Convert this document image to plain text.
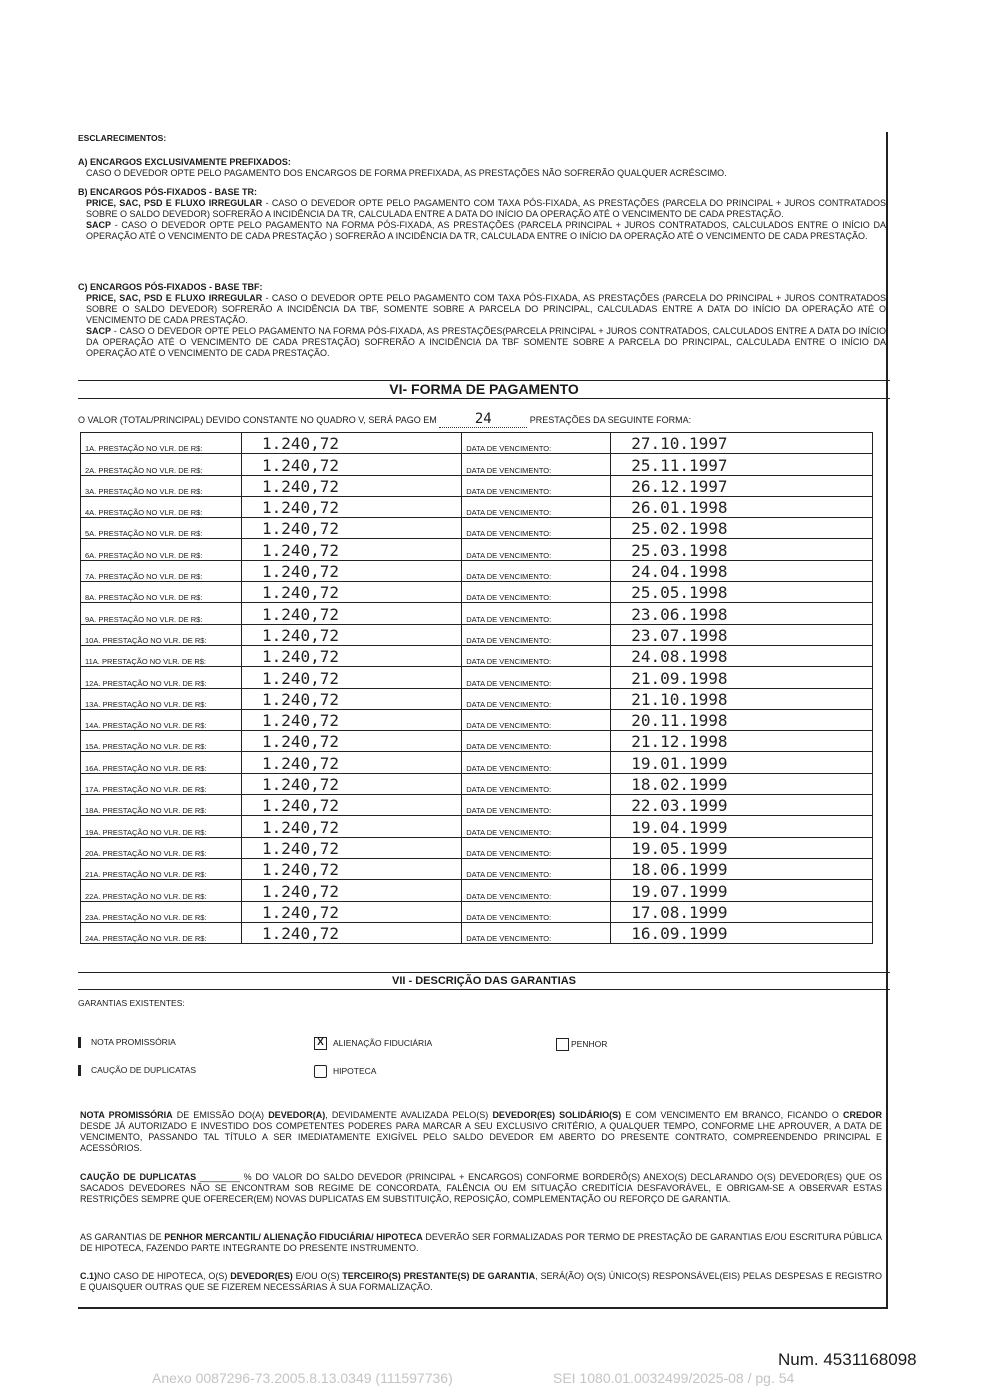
ESCLARECIMENTOS:
A) ENCARGOS EXCLUSIVAMENTE PREFIXADOS:
CASO O DEVEDOR OPTE PELO PAGAMENTO DOS ENCARGOS DE FORMA PREFIXADA, AS PRESTAÇÕES NÃO SOFRERÃO QUALQUER ACRÉSCIMO.
B) ENCARGOS PÓS-FIXADOS - BASE TR:
PRICE, SAC, PSD E FLUXO IRREGULAR - CASO O DEVEDOR OPTE PELO PAGAMENTO COM TAXA PÓS-FIXADA, AS PRESTAÇÕES (PARCELA DO PRINCIPAL + JUROS CONTRATADOS SOBRE O SALDO DEVEDOR) SOFRERÃO A INCIDÊNCIA DA TR, CALCULADA ENTRE A DATA DO INÍCIO DA OPERAÇÃO ATÉ O VENCIMENTO DE CADA PRESTAÇÃO.
SACP - CASO O DEVEDOR OPTE PELO PAGAMENTO NA FORMA PÓS-FIXADA, AS PRESTAÇÕES (PARCELA PRINCIPAL + JUROS CONTRATADOS, CALCULADOS ENTRE O INÍCIO DA OPERAÇÃO ATÉ O VENCIMENTO DE CADA PRESTAÇÃO ) SOFRERÃO A INCIDÊNCIA DA TR, CALCULADA ENTRE O INÍCIO DA OPERAÇÃO ATÉ O VENCIMENTO DE CADA PRESTAÇÃO.
C) ENCARGOS PÓS-FIXADOS - BASE TBF:
PRICE, SAC, PSD E FLUXO IRREGULAR - CASO O DEVEDOR OPTE PELO PAGAMENTO COM TAXA PÓS-FIXADA, AS PRESTAÇÕES (PARCELA DO PRINCIPAL + JUROS CONTRATADOS SOBRE O SALDO DEVEDOR) SOFRERÃO A INCIDÊNCIA DA TBF, SOMENTE SOBRE A PARCELA DO PRINCIPAL, CALCULADAS ENTRE A DATA DO INÍCIO DA OPERAÇÃO ATÉ O VENCIMENTO DE CADA PRESTAÇÃO.
SACP - CASO O DEVEDOR OPTE PELO PAGAMENTO NA FORMA PÓS-FIXADA, AS PRESTAÇÕES(PARCELA PRINCIPAL + JUROS CONTRATADOS, CALCULADOS ENTRE A DATA DO INÍCIO DA OPERAÇÃO ATÉ O VENCIMENTO DE CADA PRESTAÇÃO) SOFRERÃO A INCIDÊNCIA DA TBF SOMENTE SOBRE A PARCELA DO PRINCIPAL, CALCULADA ENTRE O INÍCIO DA OPERAÇÃO ATÉ O VENCIMENTO DE CADA PRESTAÇÃO.
VI- FORMA DE PAGAMENTO
O VALOR (TOTAL/PRINCIPAL) DEVIDO CONSTANTE NO QUADRO V, SERÁ PAGO EM	24	PRESTAÇÕES DA SEGUINTE FORMA:
1A. PRESTAÇÃO NO VLR. DE R$:	1.240,72	DATA DE VENCIMENTO:	27.10.1997
2A. PRESTAÇÃO NO VLR. DE R$:	1.240,72	DATA DE VENCIMENTO:	25.11.1997
3A. PRESTAÇÃO NO VLR. DE R$:	1.240,72	DATA DE VENCIMENTO:	26.12.1997
4A. PRESTAÇÃO NO VLR. DE R$:	1.240,72	DATA DE VENCIMENTO:	26.01.1998
5A. PRESTAÇÃO NO VLR. DE R$:	1.240,72	DATA DE VENCIMENTO:	25.02.1998
6A. PRESTAÇÃO NO VLR. DE R$:	1.240,72	DATA DE VENCIMENTO:	25.03.1998
7A. PRESTAÇÃO NO VLR. DE R$:	1.240,72	DATA DE VENCIMENTO:	24.04.1998
8A. PRESTAÇÃO NO VLR. DE R$:	1.240,72	DATA DE VENCIMENTO:	25.05.1998
9A. PRESTAÇÃO NO VLR. DE R$:	1.240,72	DATA DE VENCIMENTO:	23.06.1998
10A. PRESTAÇÃO NO VLR. DE R$:	1.240,72	DATA DE VENCIMENTO:	23.07.1998
11A. PRESTAÇÃO NO VLR. DE R$:	1.240,72	DATA DE VENCIMENTO:	24.08.1998
12A. PRESTAÇÃO NO VLR. DE R$:	1.240,72	DATA DE VENCIMENTO:	21.09.1998
13A. PRESTAÇÃO NO VLR. DE R$:	1.240,72	DATA DE VENCIMENTO:	21.10.1998
14A. PRESTAÇÃO NO VLR. DE R$:	1.240,72	DATA DE VENCIMENTO:	20.11.1998
15A. PRESTAÇÃO NO VLR. DE R$:	1.240,72	DATA DE VENCIMENTO:	21.12.1998
16A. PRESTAÇÃO NO VLR. DE R$:	1.240,72	DATA DE VENCIMENTO:	19.01.1999
17A. PRESTAÇÃO NO VLR. DE R$:	1.240,72	DATA DE VENCIMENTO:	18.02.1999
18A. PRESTAÇÃO NO VLR. DE R$:	1.240,72	DATA DE VENCIMENTO:	22.03.1999
19A. PRESTAÇÃO NO VLR. DE R$:	1.240,72	DATA DE VENCIMENTO:	19.04.1999
20A. PRESTAÇÃO NO VLR. DE R$:	1.240,72	DATA DE VENCIMENTO:	19.05.1999
21A. PRESTAÇÃO NO VLR. DE R$:	1.240,72	DATA DE VENCIMENTO:	18.06.1999
22A. PRESTAÇÃO NO VLR. DE R$:	1.240,72	DATA DE VENCIMENTO:	19.07.1999
23A. PRESTAÇÃO NO VLR. DE R$:	1.240,72	DATA DE VENCIMENTO:	17.08.1999
24A. PRESTAÇÃO NO VLR. DE R$:	1.240,72	DATA DE VENCIMENTO:	16.09.1999
VII - DESCRIÇÃO DAS GARANTIAS
GARANTIAS EXISTENTES:
NOTA PROMISSÓRIA
CAUÇÃO DE DUPLICATAS
X ALIENAÇÃO FIDUCIÁRIA
HIPOTECA
PENHOR
NOTA PROMISSÓRIA DE EMISSÃO DO(A) DEVEDOR(A), DEVIDAMENTE AVALIZADA PELO(S) DEVEDOR(ES) SOLIDÁRIO(S) E COM VENCIMENTO EM BRANCO, FICANDO O CREDOR DESDE JÁ AUTORIZADO E INVESTIDO DOS COMPETENTES PODERES PARA MARCAR A SEU EXCLUSIVO CRITÉRIO, A QUALQUER TEMPO, CONFORME LHE APROUVER, A DATA DE VENCIMENTO, PASSANDO TAL TÍTULO A SER IMEDIATAMENTE EXIGÍVEL PELO SALDO DEVEDOR EM ABERTO DO PRESENTE CONTRATO, COMPREENDENDO PRINCIPAL E ACESSÓRIOS.
CAUÇÃO DE DUPLICATAS ________ % DO VALOR DO SALDO DEVEDOR (PRINCIPAL + ENCARGOS) CONFORME BORDERÔ(S) ANEXO(S) DECLARANDO O(S) DEVEDOR(ES) QUE OS SACADOS DEVEDORES NÃO SE ENCONTRAM SOB REGIME DE CONCORDATA, FALÊNCIA OU EM SITUAÇÃO CREDITÍCIA DESFAVORÁVEL, E OBRIGAM-SE A OBSERVAR ESTAS RESTRIÇÕES SEMPRE QUE OFERECER(EM) NOVAS DUPLICATAS EM SUBSTITUIÇÃO, REPOSIÇÃO, COMPLEMENTAÇÃO OU REFORÇO DE GARANTIA.
AS GARANTIAS DE PENHOR MERCANTIL/ ALIENAÇÃO FIDUCIÁRIA/ HIPOTECA DEVERÃO SER FORMALIZADAS POR TERMO DE PRESTAÇÃO DE GARANTIAS E/OU ESCRITURA PÚBLICA DE HIPOTECA, FAZENDO PARTE INTEGRANTE DO PRESENTE INSTRUMENTO.
C.1)NO CASO DE HIPOTECA, O(S) DEVEDOR(ES) E/OU O(S) TERCEIRO(S) PRESTANTE(S) DE GARANTIA, SERÁ(ÃO) O(S) ÚNICO(S) RESPONSÁVEL(EIS) PELAS DESPESAS E REGISTRO E QUAISQUER OUTRAS QUE SE FIZEREM NECESSÁRIAS À SUA FORMALIZAÇÃO.
Num. 4531168098
Anexo 0087296-73.2005.8.13.0349 (111597736)	SEI 1080.01.0032499/2025-08 / pg. 54
